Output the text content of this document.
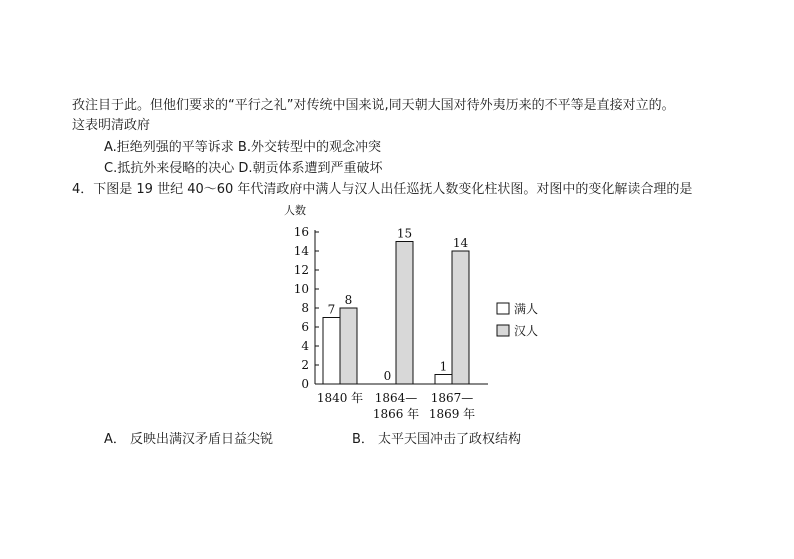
孜注目于此。但他们要求的“平行之礼”对传统中国来说,同天朝大国对待外夷历来的不平等是直接对立的。
这表明清政府
A.拒绝列强的平等诉求 B.外交转型中的观念冲突
C.抵抗外来侵略的决心 D.朝贡体系遭到严重破坏
4．下图是 19 世纪 40～60 年代清政府中满人与汉人出任巡抚人数变化柱状图。对图中的变化解读合理的是
人数
0
2
4
6
8
10
12
14
16
7
0
1
8
15
14
1840 年 1864—
1866 年
1867—
1869 年
满人
汉人
A． 反映出满汉矛盾日益尖锐	B． 太平天国冲击了政权结构
